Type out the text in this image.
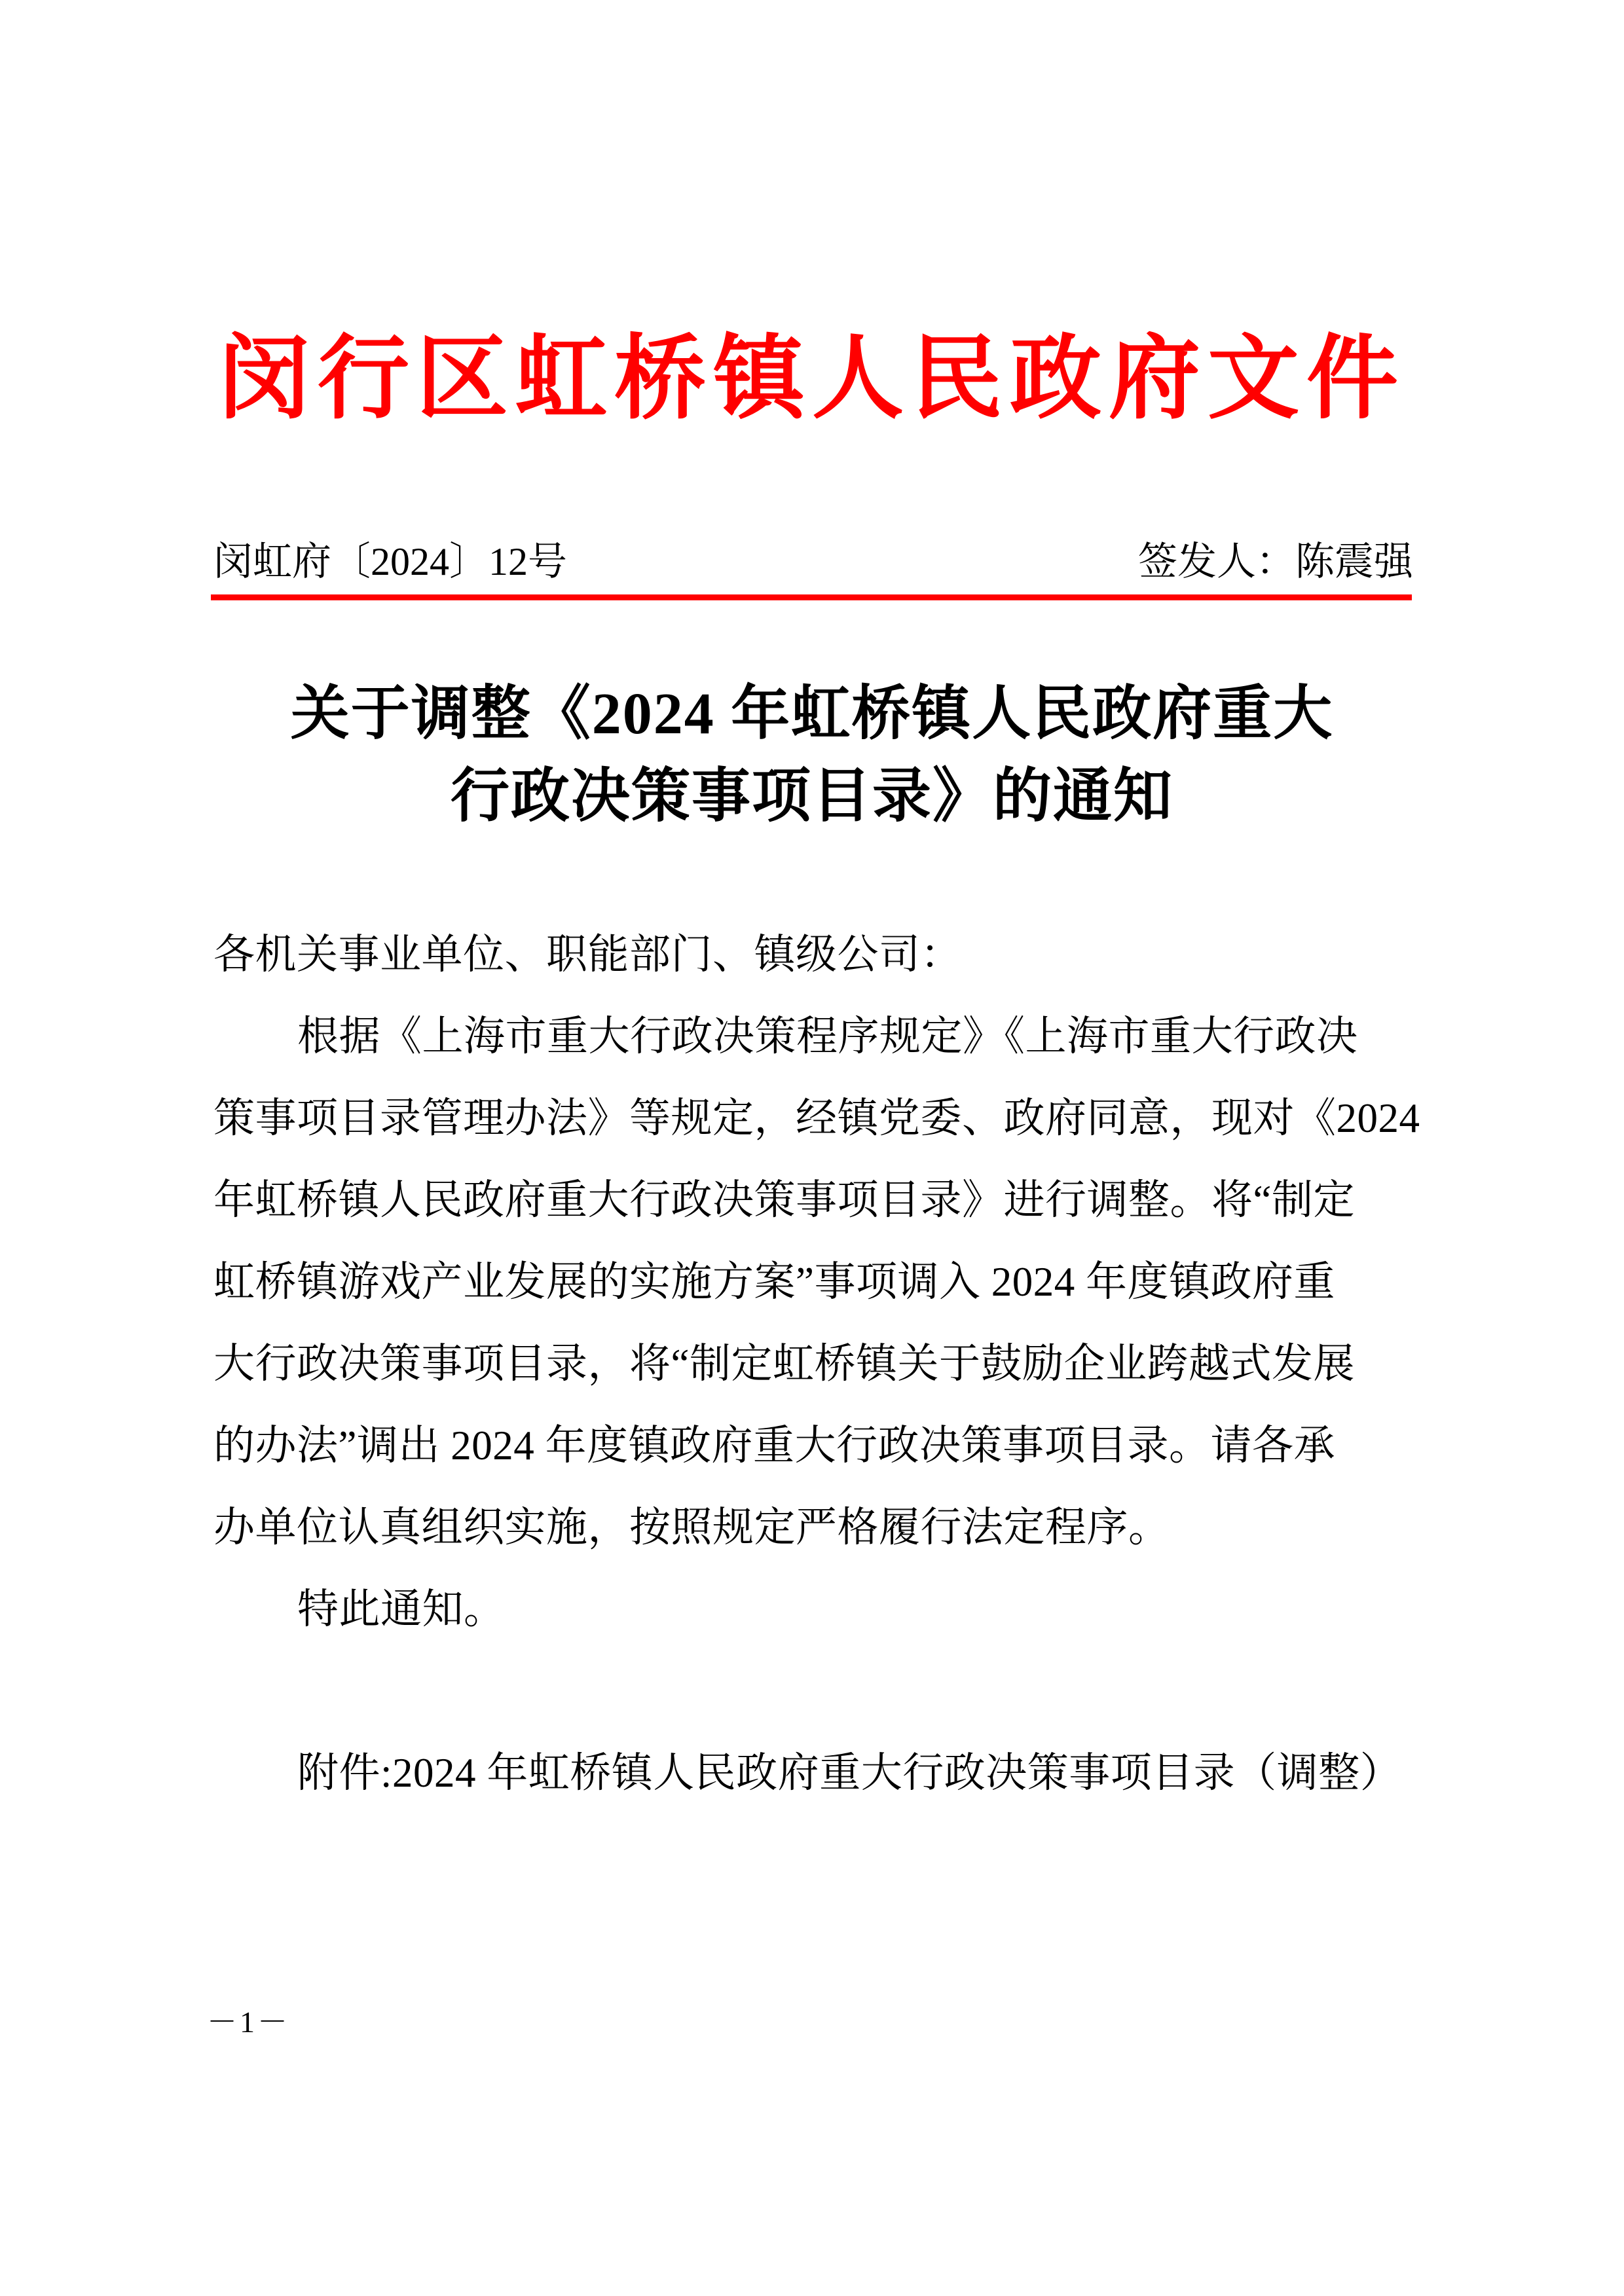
闵行区虹桥镇人民政府文件
闵虹府〔2024〕12号	签发人：陈震强
关于调整《2024 年虹桥镇人民政府重大
行政决策事项目录》的通知
各机关事业单位、职能部门、镇级公司：
根据《上海市重大行政决策程序规定》《上海市重大行政决
策事项目录管理办法》等规定，经镇党委、政府同意，现对《2024
年虹桥镇人民政府重大行政决策事项目录》进行调整。将“制定
虹桥镇游戏产业发展的实施方案”事项调入 2024 年度镇政府重
大行政决策事项目录，将“制定虹桥镇关于鼓励企业跨越式发展
的办法”调出 2024 年度镇政府重大行政决策事项目录。请各承
办单位认真组织实施，按照规定严格履行法定程序。
特此通知。
附件:2024 年虹桥镇人民政府重大行政决策事项目录（调整）
－1－
